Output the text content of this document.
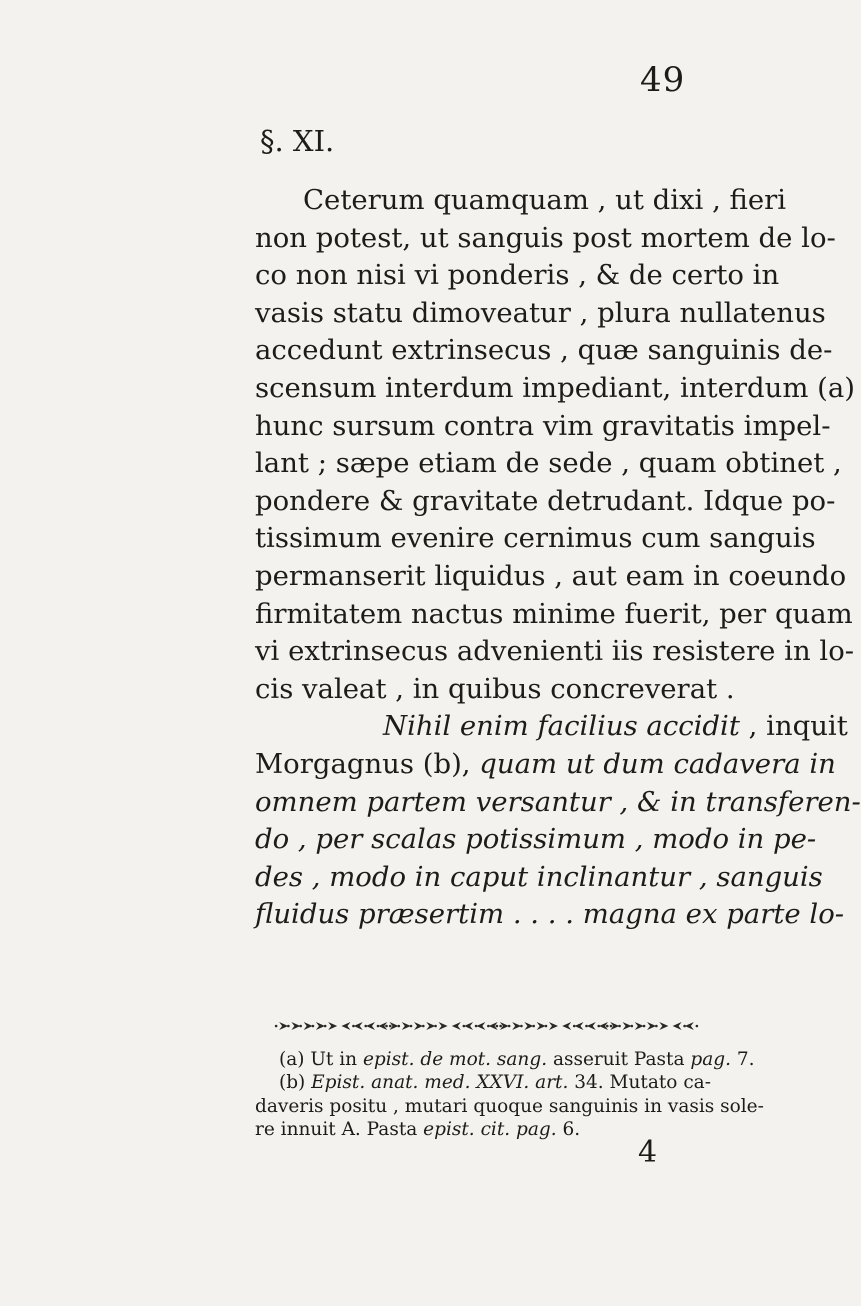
49
§. XI.
Ceterum quamquam , ut dixi , fieri
non potest, ut sanguis post mortem de lo-
co non nisi vi ponderis , & de certo in
vasis statu dimoveatur , plura nullatenus
accedunt extrinsecus , quæ sanguinis de-
scensum interdum impediant, interdum (a)
hunc sursum contra vim gravitatis impel-
lant ; sæpe etiam de sede , quam obtinet ,
pondere & gravitate detrudant. Idque po-
tissimum evenire cernimus cum sanguis
permanserit liquidus , aut eam in coeundo
firmitatem nactus minime fuerit, per quam
vi extrinsecus advenienti iis resistere in lo-
cis valeat , in quibus concreverat .
Nihil enim facilius accidit , inquit
Morgagnus (b), quam ut dum cadavera in
omnem partem versantur , & in transferen-
do , per scalas potissimum , modo in pe-
des , modo in caput inclinantur , sanguis
fluidus præsertim . . . . magna ex parte lo-
(a) Ut in epist. de mot. sang. asseruit Pasta pag. 7.
(b) Epist. anat. med. XXVI. art. 34. Mutato ca-
daveris positu , mutari quoque sanguinis in vasis sole-
re innuit A. Pasta epist. cit. pag. 6.
4
